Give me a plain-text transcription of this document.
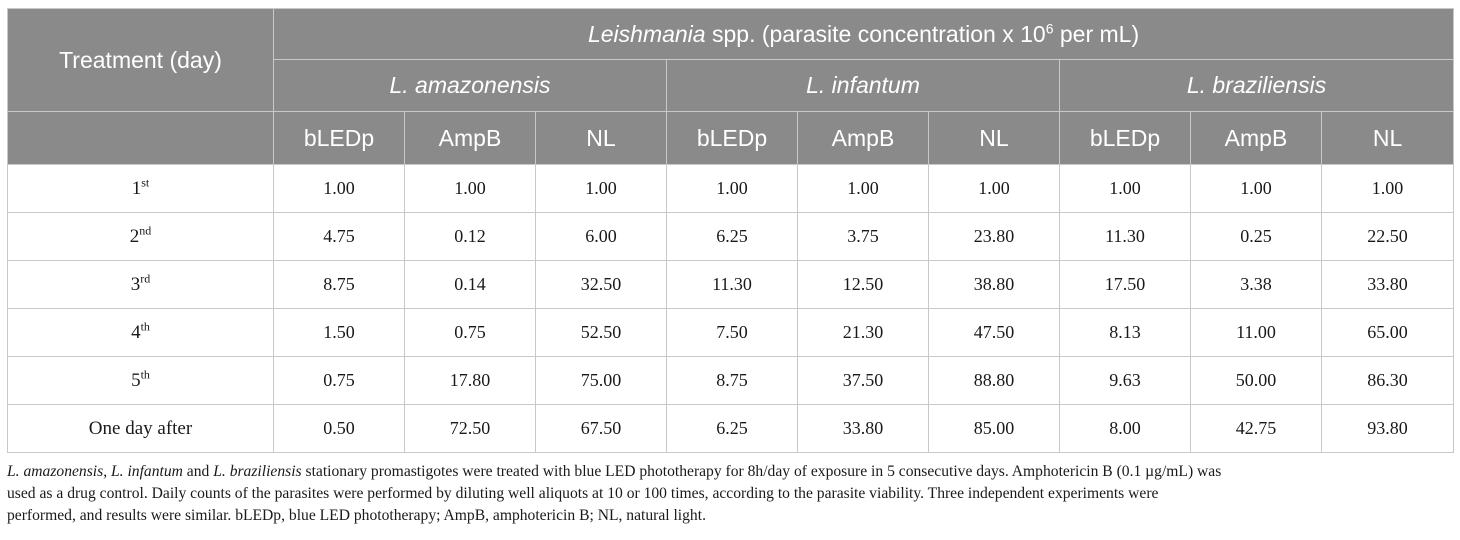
Treatment (day)	Leishmania spp. (parasite concentration x $10^6$ per mL)								
	L. amazonensis			L. infantum			L. braziliensis		
	bLEDp	AmpB	NL	bLEDp	AmpB	NL	bLEDp	AmpB	NL
1st	1.00	1.00	1.00	1.00	1.00	1.00	1.00	1.00	1.00
2nd	4.75	0.12	6.00	6.25	3.75	23.80	11.30	0.25	22.50
3rd	8.75	0.14	32.50	11.30	12.50	38.80	17.50	3.38	33.80
4th	1.50	0.75	52.50	7.50	21.30	47.50	8.13	11.00	65.00
5th	0.75	17.80	75.00	8.75	37.50	88.80	9.63	50.00	86.30
One day after	0.50	72.50	67.50	6.25	33.80	85.00	8.00	42.75	93.80

L. amazonensis, L. infantum and L. braziliensis stationary promastigotes were treated with blue LED phototherapy for 8h/day of exposure in 5 consecutive days. Amphotericin B (0.1 µg/mL) was

used as a drug control. Daily counts of the parasites were performed by diluting well aliquots at 10 or 100 times, according to the parasite viability. Three independent experiments were

performed, and results were similar. bLEDp, blue LED phototherapy; AmpB, amphotericin B; NL, natural light.
